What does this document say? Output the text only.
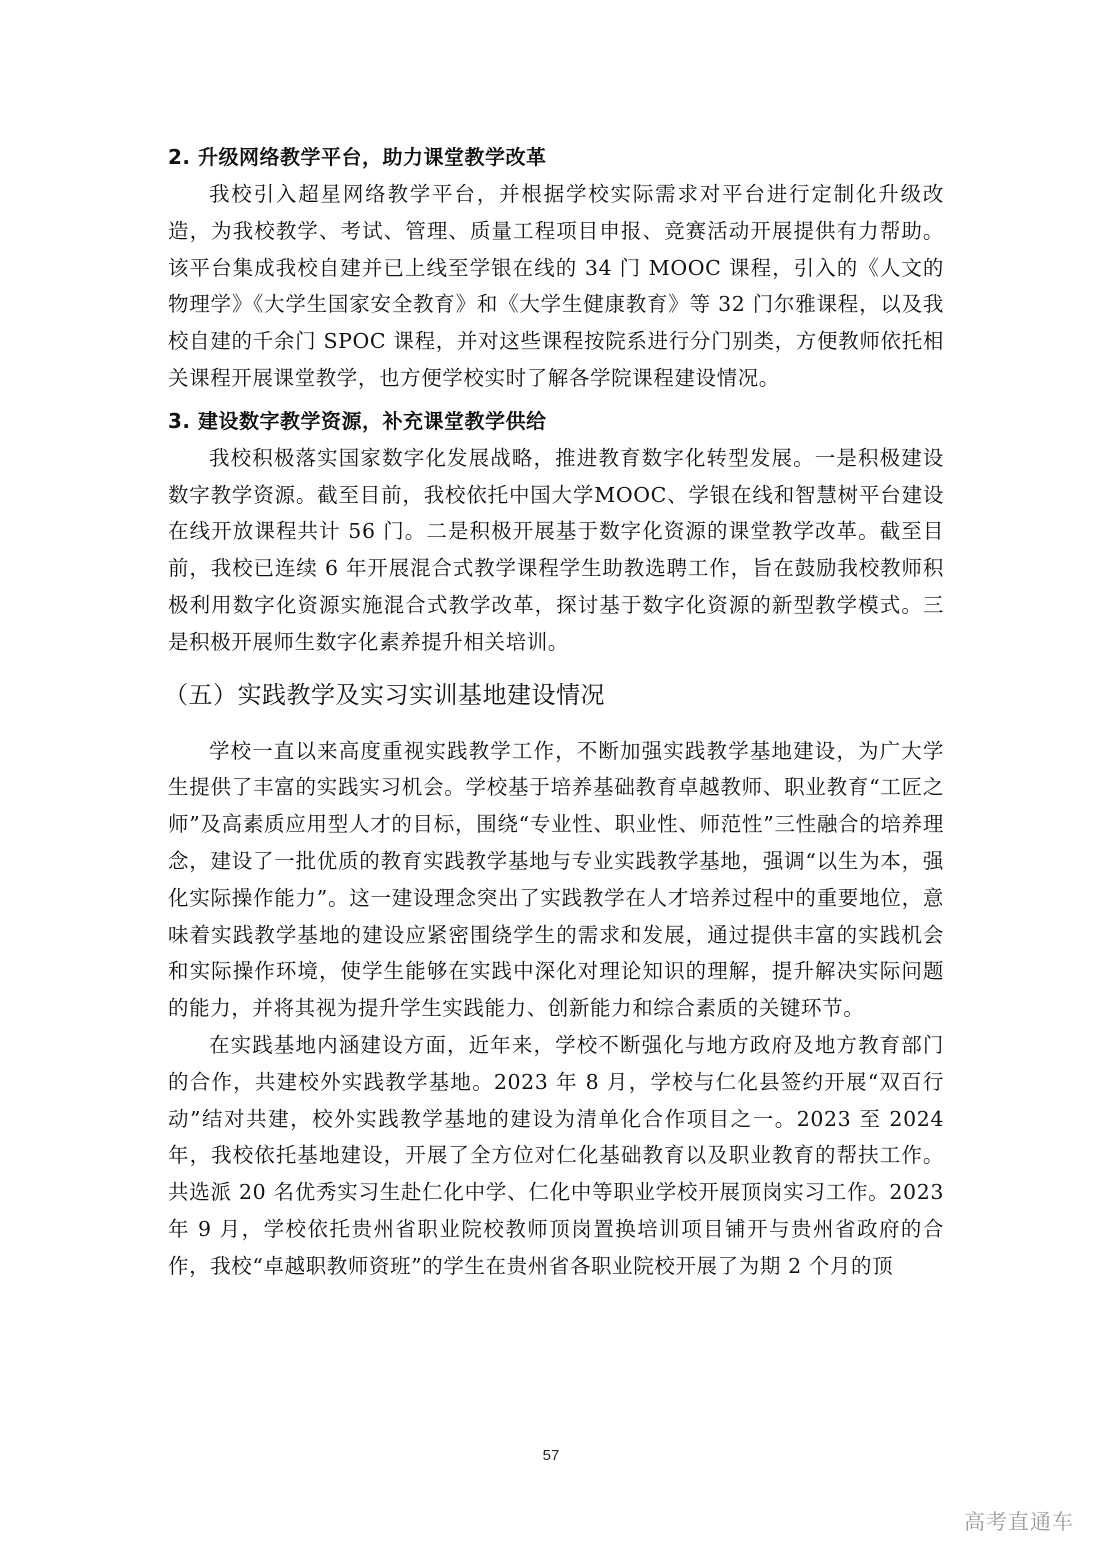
2. 升级网络教学平台，助力课堂教学改革

我校引入超星网络教学平台，并根据学校实际需求对平台进行定制化升级改造，为我校教学、考试、管理、质量工程项目申报、竞赛活动开展提供有力帮助。该平台集成我校自建并已上线至学银在线的 34 门 MOOC 课程，引入的《人文的物理学》《大学生国家安全教育》和《大学生健康教育》等 32 门尔雅课程，以及我校自建的千余门 SPOC 课程，并对这些课程按院系进行分门别类，方便教师依托相关课程开展课堂教学，也方便学校实时了解各学院课程建设情况。

3. 建设数字教学资源，补充课堂教学供给

我校积极落实国家数字化发展战略，推进教育数字化转型发展。一是积极建设数字教学资源。截至目前，我校依托中国大学MOOC、学银在线和智慧树平台建设在线开放课程共计 56 门。二是积极开展基于数字化资源的课堂教学改革。截至目前，我校已连续 6 年开展混合式教学课程学生助教选聘工作，旨在鼓励我校教师积极利用数字化资源实施混合式教学改革，探讨基于数字化资源的新型教学模式。三是积极开展师生数字化素养提升相关培训。

（五）实践教学及实习实训基地建设情况

学校一直以来高度重视实践教学工作，不断加强实践教学基地建设，为广大学生提供了丰富的实践实习机会。学校基于培养基础教育卓越教师、职业教育“工匠之师”及高素质应用型人才的目标，围绕“专业性、职业性、师范性”三性融合的培养理念，建设了一批优质的教育实践教学基地与专业实践教学基地，强调“以生为本，强化实际操作能力”。这一建设理念突出了实践教学在人才培养过程中的重要地位，意味着实践教学基地的建设应紧密围绕学生的需求和发展，通过提供丰富的实践机会和实际操作环境，使学生能够在实践中深化对理论知识的理解，提升解决实际问题的能力，并将其视为提升学生实践能力、创新能力和综合素质的关键环节。

在实践基地内涵建设方面，近年来，学校不断强化与地方政府及地方教育部门的合作，共建校外实践教学基地。2023 年 8 月，学校与仁化县签约开展“双百行动”结对共建，校外实践教学基地的建设为清单化合作项目之一。2023 至 2024 年，我校依托基地建设，开展了全方位对仁化基础教育以及职业教育的帮扶工作。共选派 20 名优秀实习生赴仁化中学、仁化中等职业学校开展顶岗实习工作。2023 年 9 月，学校依托贵州省职业院校教师顶岗置换培训项目铺开与贵州省政府的合作，我校“卓越职教师资班”的学生在贵州省各职业院校开展了为期 2 个月的顶

57
高考直通车
